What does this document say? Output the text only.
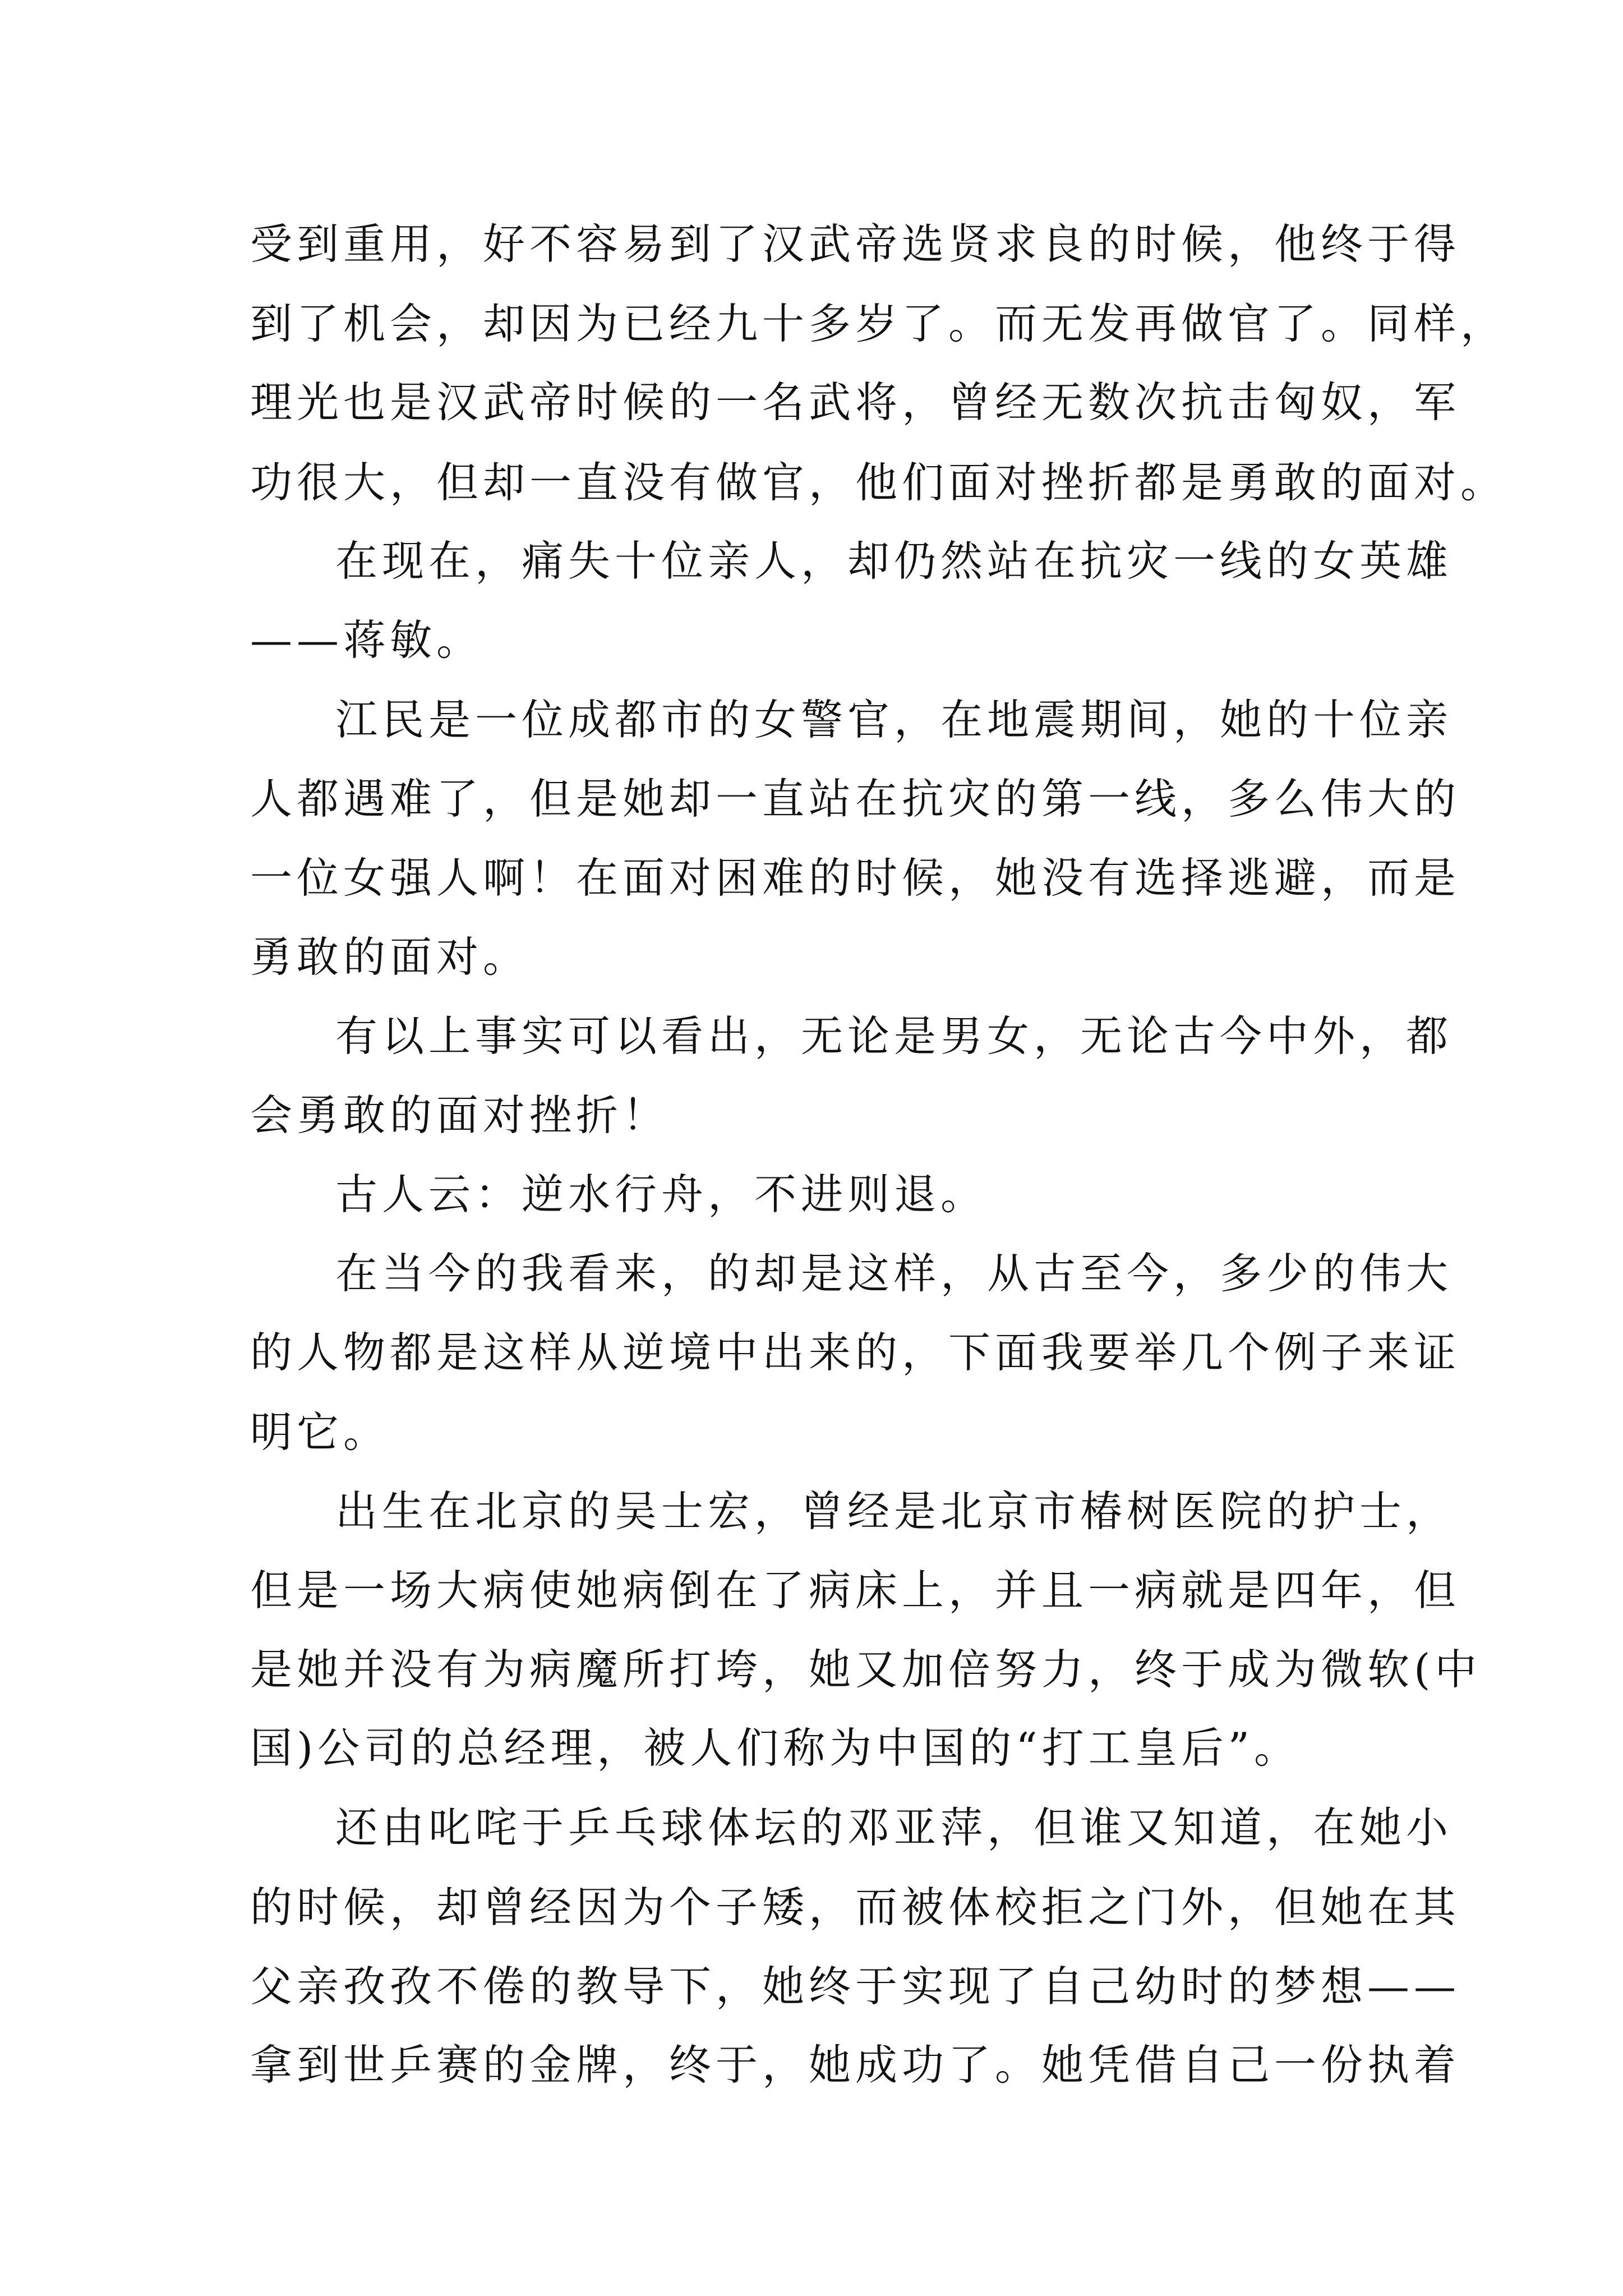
受到重用，好不容易到了汉武帝选贤求良的时候，他终于得
到了机会，却因为已经九十多岁了。而无发再做官了。同样，
理光也是汉武帝时候的一名武将，曾经无数次抗击匈奴，军
功很大，但却一直没有做官，他们面对挫折都是勇敢的面对。
在现在，痛失十位亲人，却仍然站在抗灾一线的女英雄
——蒋敏。
江民是一位成都市的女警官，在地震期间，她的十位亲
人都遇难了，但是她却一直站在抗灾的第一线，多么伟大的
一位女强人啊！在面对困难的时候，她没有选择逃避，而是
勇敢的面对。
有以上事实可以看出，无论是男女，无论古今中外，都
会勇敢的面对挫折！
古人云：逆水行舟，不进则退。
在当今的我看来，的却是这样，从古至今，多少的伟大
的人物都是这样从逆境中出来的，下面我要举几个例子来证
明它。
出生在北京的吴士宏，曾经是北京市椿树医院的护士，
但是一场大病使她病倒在了病床上，并且一病就是四年，但
是她并没有为病魔所打垮，她又加倍努力，终于成为微软(中
国)公司的总经理，被人们称为中国的“打工皇后”。
还由叱咤于乒乓球体坛的邓亚萍，但谁又知道，在她小
的时候，却曾经因为个子矮，而被体校拒之门外，但她在其
父亲孜孜不倦的教导下，她终于实现了自己幼时的梦想——
拿到世乒赛的金牌，终于，她成功了。她凭借自己一份执着
